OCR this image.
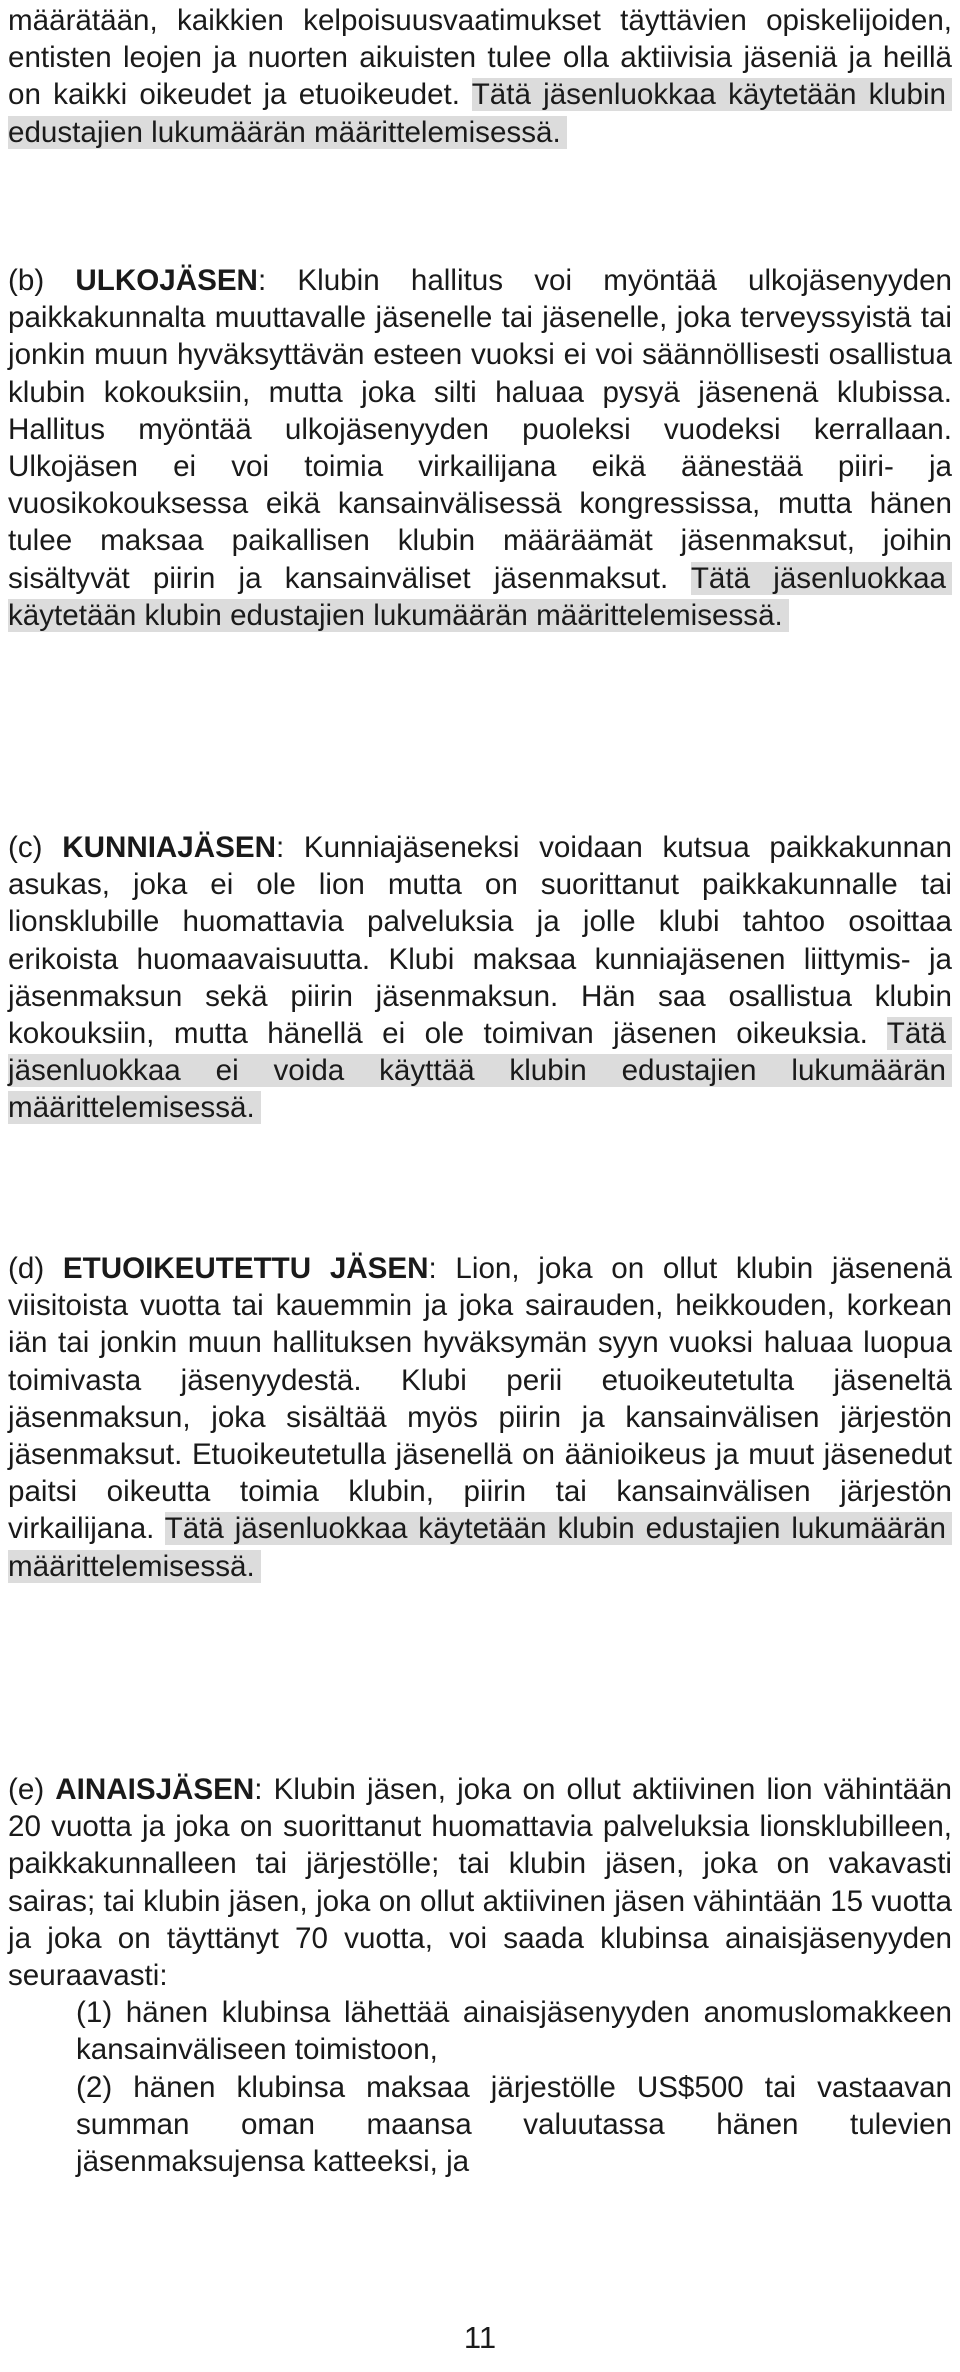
määrätään, kaikkien kelpoisuusvaatimukset täyttävien opiskelijoiden, entisten leojen ja nuorten aikuisten tulee olla aktiivisia jäseniä ja heillä on kaikki oikeudet ja etuoikeudet. Tätä jäsenluokkaa käytetään klubin edustajien lukumäärän määrittelemisessä.

(b) ULKOJÄSEN: Klubin hallitus voi myöntää ulkojäsenyyden paikkakunnalta muuttavalle jäsenelle tai jäsenelle, joka terveyssyistä tai jonkin muun hyväksyttävän esteen vuoksi ei voi säännöllisesti osallistua klubin kokouksiin, mutta joka silti haluaa pysyä jäsenenä klubissa. Hallitus myöntää ulkojäsenyyden puoleksi vuodeksi kerrallaan. Ulkojäsen ei voi toimia virkailijana eikä äänestää piiri- ja vuosikokouksessa eikä kansainvälisessä kongressissa, mutta hänen tulee maksaa paikallisen klubin määräämät jäsenmaksut, joihin sisältyvät piirin ja kansainväliset jäsenmaksut. Tätä jäsenluokkaa käytetään klubin edustajien lukumäärän määrittelemisessä.

(c) KUNNIAJÄSEN: Kunniajäseneksi voidaan kutsua paikkakunnan asukas, joka ei ole lion mutta on suorittanut paikkakunnalle tai lionsklubille huomattavia palveluksia ja jolle klubi tahtoo osoittaa erikoista huomaavaisuutta. Klubi maksaa kunniajäsenen liittymis- ja jäsenmaksun sekä piirin jäsenmaksun. Hän saa osallistua klubin kokouksiin, mutta hänellä ei ole toimivan jäsenen oikeuksia. Tätä jäsenluokkaa ei voida käyttää klubin edustajien lukumäärän määrittelemisessä.

(d) ETUOIKEUTETTU JÄSEN: Lion, joka on ollut klubin jäsenenä viisitoista vuotta tai kauemmin ja joka sairauden, heikkouden, korkean iän tai jonkin muun hallituksen hyväksymän syyn vuoksi haluaa luopua toimivasta jäsenyydestä. Klubi perii etuoikeutetulta jäseneltä jäsenmaksun, joka sisältää myös piirin ja kansainvälisen järjestön jäsenmaksut. Etuoikeutetulla jäsenellä on äänioikeus ja muut jäsenedut paitsi oikeutta toimia klubin, piirin tai kansainvälisen järjestön virkailijana. Tätä jäsenluokkaa käytetään klubin edustajien lukumäärän määrittelemisessä.

(e) AINAISJÄSEN: Klubin jäsen, joka on ollut aktiivinen lion vähintään 20 vuotta ja joka on suorittanut huomattavia palveluksia lionsklubilleen, paikkakunnalleen tai järjestölle; tai klubin jäsen, joka on vakavasti sairas; tai klubin jäsen, joka on ollut aktiivinen jäsen vähintään 15 vuotta ja joka on täyttänyt 70 vuotta, voi saada klubinsa ainaisjäsenyyden seuraavasti:

(1) hänen klubinsa lähettää ainaisjäsenyyden anomuslomakkeen kansainväliseen toimistoon,
(2) hänen klubinsa maksaa järjestölle US$500 tai vastaavan summan oman maansa valuutassa hänen tulevien jäsenmaksujensa katteeksi, ja
11
